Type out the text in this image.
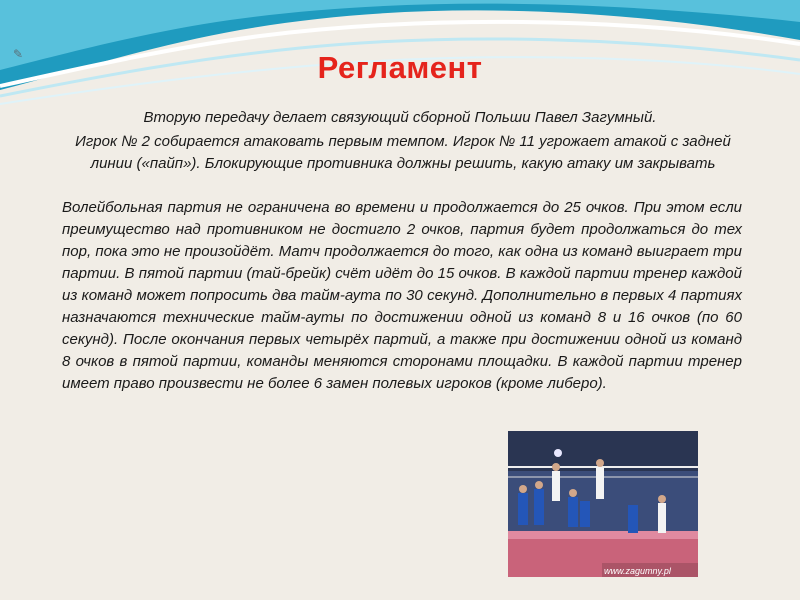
✎	Регламент
Вторую передачу делает связующий сборной Польши Павел Загумный.
Игрок № 2 собирается атаковать первым темпом. Игрок № 11 угрожает атакой с задней линии («пайп»). Блокирующие противника должны решить, какую атаку им закрывать
Волейбольная партия не ограничена во времени и продолжается до 25 очков. При этом если преимущество над противником не достигло 2 очков, партия будет продолжаться до тех пор, пока это не произойдёт. Матч продолжается до того, как одна из команд выиграет три партии. В пятой партии (тай-брейк) счёт идёт до 15 очков. В каждой партии тренер каждой из команд может попросить два тайм-аута по 30 секунд. Дополнительно в первых 4 партиях назначаются технические тайм-ауты по достижении одной из команд 8 и 16 очков (по 60 секунд). После окончания первых четырёх партий, а также при достижении одной из команд 8 очков в пятой партии, команды меняются сторонами площадки. В каждой партии тренер имеет право произвести не более 6 замен полевых игроков (кроме либеро).
www.zagumny.pl
